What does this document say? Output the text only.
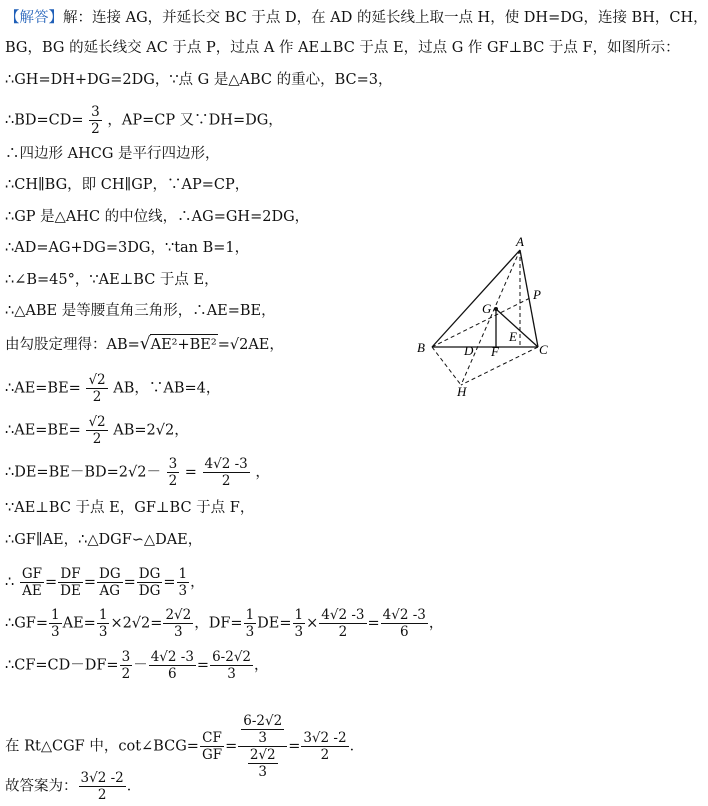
【解答】解：连接 AG，并延长交 BC 于点 D，在 AD 的延长线上取一点 H，使 DH=DG，连接 BH，CH，
BG，BG 的延长线交 AC 于点 P，过点 A 作 AE⊥BC 于点 E，过点 G 作 GF⊥BC 于点 F，如图所示：
∴GH=DH+DG=2DG，∵点 G 是△ABC 的重心，BC=3，
∴BD=CD= $\frac{3}{2}$ ，AP=CP 又∵DH=DG，
∴四边形 AHCG 是平行四边形，
∴CH∥BG，即 CH∥GP，∵AP=CP，
∴GP 是△AHC 的中位线，∴AG=GH=2DG，
∴AD=AG+DG=3DG，∵tan B=1，
∴∠B=45°，∵AE⊥BC 于点 E，
∴△ABE 是等腰直角三角形，∴AE=BE，
由勾股定理得：AB=√AE²+BE²=√2AE，
∴AE=BE= $\frac{√2}{2}$ AB，∵AB=4，
∴AE=BE= $\frac{√2}{2} AB=2√2$，
∴DE=BE－BD=2√2－ $\frac{3}{2} = \frac{4√2 -3}{2}$ ，
∵AE⊥BC 于点 E，GF⊥BC 于点 F，
∴GF∥AE，∴△DGF∽△DAE，
∴ $\frac{GF}{AE} = \frac{DF}{DE} = \frac{DG}{AG} = \frac{DG}{DG} = \frac{1}{3}$ ，
∴GF= $\frac{1}{3} AE= \frac{1}{3} \times 2√2= \frac{2√2}{3}$ ，$DF= \frac{1}{3} DE= \frac{1}{3} \times \frac{4√2 -3}{2} = \frac{4√2 -3}{6}$ ，
∴CF=CD－DF= $\frac{3}{2} - \frac{4√2 -3}{6} = \frac{6-2√2}{3}$ ，
在 Rt△CGF 中，cot∠BCG= $\frac{CF}{GF} = \frac{\frac{6-2√2}{3}}{\frac{2√2}{3}} = \frac{3√2 -2}{2}$ ．
故答案为： $\frac{3√2 -2}{2}$ ．
A
B	C
D
E
F
G
H
P
